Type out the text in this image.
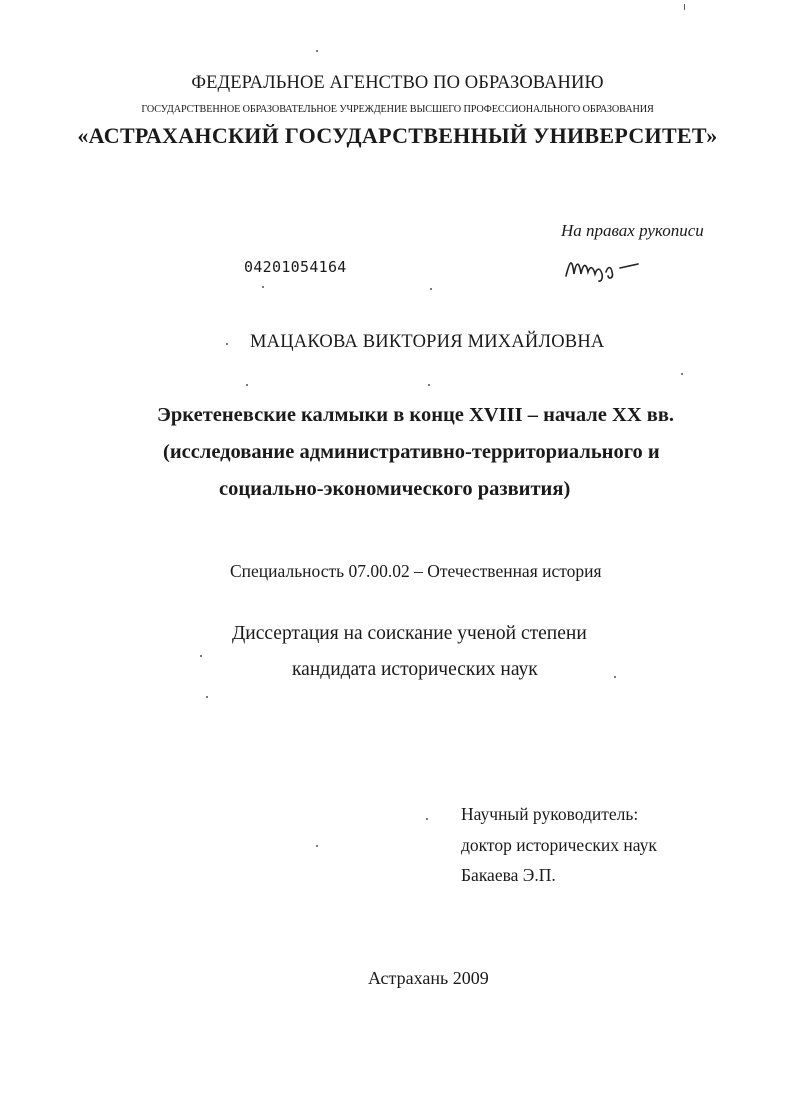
ФЕДЕРАЛЬНОЕ АГЕНСТВО ПО ОБРАЗОВАНИЮ
ГОСУДАРСТВЕННОЕ ОБРАЗОВАТЕЛЬНОЕ УЧРЕЖДЕНИЕ ВЫСШЕГО ПРОФЕССИОНАЛЬНОГО ОБРАЗОВАНИЯ
«АСТРАХАНСКИЙ ГОСУДАРСТВЕННЫЙ УНИВЕРСИТЕТ»
На правах рукописи
04201054164
МАЦАКОВА ВИКТОРИЯ МИХАЙЛОВНА
Эркетеневские калмыки в конце XVIII – начале XX вв.
(исследование административно-территориального и
социально-экономического развития)
Специальность 07.00.02 – Отечественная история
Диссертация на соискание ученой степени
кандидата исторических наук
Научный руководитель:
доктор исторических наук
Бакаева Э.П.
Астрахань 2009
